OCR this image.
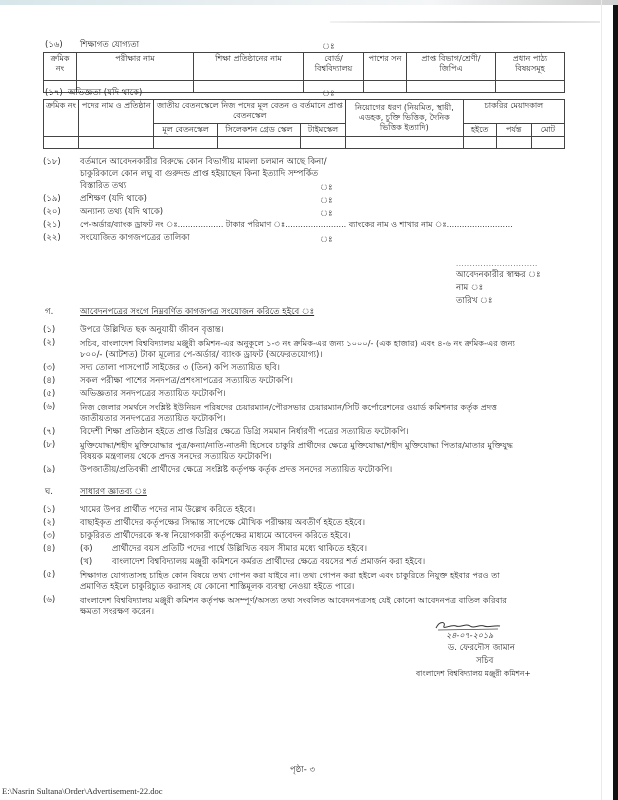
(১৬) শিক্ষাগত যোগ্যতা	ঃ
ক্রমিক নং	পরীক্ষার নাম	শিক্ষা প্রতিষ্ঠানের নাম	বোর্ড/ বিশ্ববিদ্যালয়	পাশের সন	প্রাপ্ত বিভাগ/শ্রেণী/ জিপিএ	প্রধান পাঠ্য বিষয়সমূহ

(১৭) অভিজ্ঞতা (যদি থাকে)	ঃ
ক্রমিক নং	পদের নাম ও প্রতিষ্ঠান	জাতীয় বেতনস্কেলে নিজ পদের মূল বেতন ও বর্তমানে প্রাপ্ত বেতনস্কেল			নিয়োগের ধরণ (নিয়মিত, স্থায়ী, এডহক, চুক্তি ভিত্তিক, দৈনিক ভিত্তিক ইত্যাদি)	চাকরির মেয়াদকাল		
		মূল বেতনস্কেল	সিলেকশন গ্রেড স্কেল	টাইমস্কেল		হইতে	পর্যন্ত	মোট

(১৮) বর্তমানে আবেদনকারীর বিরুদ্ধে কোন বিভাগীয় মামলা চলমান আছে কিনা/
চাকুরিকালে কোন লঘু বা গুরুদন্ড প্রাপ্ত হইয়াছেন কিনা ইত্যাদি সম্পর্কিত
বিস্তারিত তথ্য	ঃ
(১৯) প্রশিক্ষণ (যদি থাকে)	ঃ
(২০) অন্যান্য তথ্য (যদি থাকে)	ঃ
(২১) পে-অর্ডার/ব্যাংক ড্রাফট নং ঃ.................. টাকার পরিমাণ ঃ........................ ব্যাংকের নাম ও শাখার নাম ঃ..........................
(২২) সংযোজিত কাগজপত্রের তালিকা	ঃ
..............................
আবেদনকারীর স্বাক্ষর ঃ
নাম ঃ
তারিখ ঃ
গ.	আবেদনপত্রের সংগে নিম্নবর্ণিত কাগজপত্র সংযোজন করিতে হইবে ঃ
(১)	উপরে উল্লিখিত ছক অনুযায়ী জীবন বৃত্তান্ত।
(২)	সচিব, বাংলাদেশ বিশ্ববিদ্যালয় মঞ্জুরী কমিশন-এর অনুকূলে ১-৩ নং ক্রমিক-এর জন্য ১০০০/- (এক হাজার) এবং ৪-৬ নং ক্রমিক-এর জন্য
৮০০/- (আটশত) টাকা মূল্যের পে-অর্ডার/ ব্যাংক ড্রাফট (অফেরতযোগ্য)।
(৩)	সদ্য তোলা পাসপোর্ট সাইজের ৩ (তিন) কপি সত্যায়িত ছবি।
(৪)	সকল পরীক্ষা পাশের সনদপত্র/প্রশংসাপত্রের সত্যায়িত ফটোকপি।
(৫)	অভিজ্ঞতার সনদপত্রের সত্যায়িত ফটোকপি।
(৬)	নিজ জেলার সমর্থনে সংশ্লিষ্ট ইউনিয়ন পরিষদের চেয়ারম্যান/পৌরসভার চেয়ারম্যান/সিটি কর্পোরেশনের ওয়ার্ড কমিশনার কর্তৃক প্রদত্ত
জাতীয়তার সনদপত্রের সত্যায়িত ফটোকপি।
(৭)	বিদেশী শিক্ষা প্রতিষ্ঠান হইতে প্রাপ্ত ডিগ্রির ক্ষেত্রে ডিগ্রি সমমান নির্ধারণী পত্রের সত্যায়িত ফটোকপি।
(৮)	মুক্তিযোদ্ধা/শহীদ মুক্তিযোদ্ধার পুত্র/কন্যা/নাতি-নাতনী হিসেবে চাকুরি প্রার্থীদের ক্ষেত্রে মুক্তিযোদ্ধা/শহীদ মুক্তিযোদ্ধা পিতার/মাতার মুক্তিযুদ্ধ
বিষয়ক মন্ত্রণালয় থেকে প্রদত্ত সনদের সত্যায়িত ফটোকপি।
(৯)	উপজাতীয়/প্রতিবন্ধী প্রার্থীদের ক্ষেত্রে সংশ্লিষ্ট কর্তৃপক্ষ কর্তৃক প্রদত্ত সনদের সত্যায়িত ফটোকপি।
ঘ.	সাধারণ জ্ঞাতব্য ঃ
(১)	খামের উপর প্রার্থীত পদের নাম উল্লেখ করিতে হইবে।
(২)	বাছাইকৃত প্রার্থীদের কর্তৃপক্ষের সিদ্ধান্ত সাপেক্ষে মৌখিক পরীক্ষায় অবতীর্ণ হইতে হইবে।
(৩)	চাকুরিরত প্রার্থীদেরকে স্ব-স্ব নিয়োগকারী কর্তৃপক্ষের মাধ্যমে আবেদন করিতে হইবে।
(৪)	(ক) প্রার্থীদের বয়স প্রতিটি পদের পার্শ্বে উল্লিখিত বয়স সীমার মধ্যে থাকিতে হইবে।
(খ) বাংলাদেশ বিশ্ববিদ্যালয় মঞ্জুরী কমিশনে কর্মরত প্রার্থীদের ক্ষেত্রে বয়সের শর্ত প্রমার্জন করা হইবে।
(৫)	শিক্ষাগত যোগ্যতাসহ চাহিত কোন বিষয়ে তথ্য গোপন করা যাইবে না। তথ্য গোপন করা হইলে এবং চাকুরিতে নিযুক্ত হইবার পরও তা
প্রমাণিত হইলে চাকুরিচ্যুত করাসহ যে কোনো শাস্তিমূলক ব্যবস্থা নেওয়া হইতে পারে।
(৬)	বাংলাদেশ বিশ্ববিদ্যালয় মঞ্জুরী কমিশন কর্তৃপক্ষ অসম্পূর্ণ/অসত্য তথ্য সংবলিত আবেদনপত্রসহ যেই কোনো আবেদনপত্র বাতিল করিবার
ক্ষমতা সংরক্ষণ করেন।
২৪-০৭-২০১৯
ড. ফেরদৌস জামান
সচিব
বাংলাদেশ বিশ্ববিদ্যালয় মঞ্জুরী কমিশন+
পৃষ্ঠা- ৩
E:\Nasrin Sultana\Order\Advertisement-22.doc
